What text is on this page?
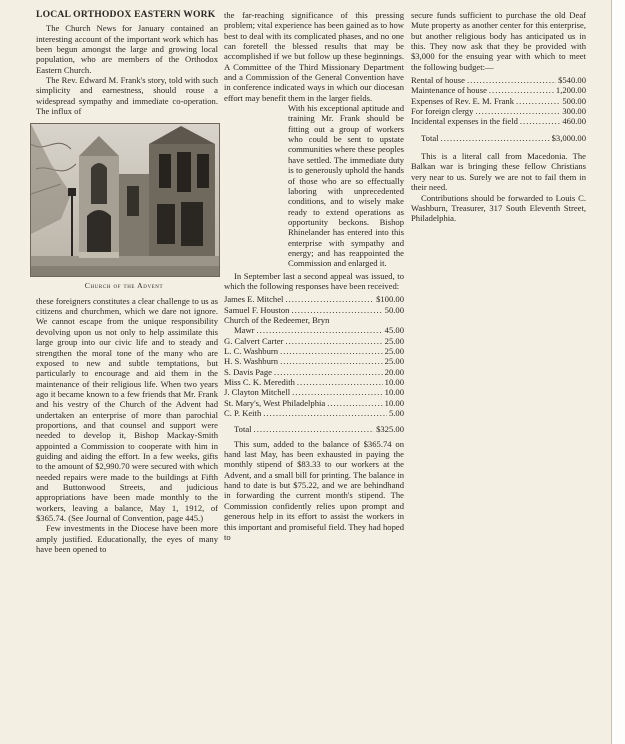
LOCAL ORTHODOX EASTERN WORK

The Church News for January contained an interesting account of the important work which has been begun amongst the large and growing local population, who are members of the Orthodox Eastern Church.

The Rev. Edward M. Frank's story, told with such simplicity and earnestness, should rouse a widespread sympathy and immediate co-operation. The influx of

Church of the Advent

these foreigners constitutes a clear challenge to us as citizens and churchmen, which we dare not ignore. We cannot escape from the unique responsibility devolving upon us not only to help assimilate this large group into our civic life and to steady and strengthen the moral tone of the many who are exposed to new and subtle temptations, but particularly to encourage and aid them in the maintenance of their religious life. When two years ago it became known to a few friends that Mr. Frank and his vestry of the Church of the Advent had undertaken an enterprise of more than parochial proportions, and that counsel and support were needed to develop it, Bishop Mackay-Smith appointed a Commission to cooperate with him in guiding and aiding the effort. In a few weeks, gifts to the amount of $2,990.70 were secured with which needed repairs were made to the buildings at Fifth and Buttonwood Streets, and judicious appropriations have been made monthly to the workers, leaving a balance, May 1, 1912, of $365.74. (See Journal of Convention, page 445.)

Few investments in the Diocese have been more amply justified. Educationally, the eyes of many have been opened to

the far-reaching significance of this pressing problem; vital experience has been gained as to how best to deal with its complicated phases, and no one can foretell the blessed results that may be accomplished if we but follow up these beginnings. A Committee of the Third Missionary Department and a Commission of the General Convention have in conference indicated ways in which our diocesan effort may benefit them in the larger fields.

With his exceptional aptitude and training Mr. Frank should be fitting out a group of workers who could be sent to upstate communities where these peoples have settled. The immediate duty is to generously uphold the hands of those who are so effectually laboring with unprecedented conditions, and to wisely make ready to extend operations as opportunity beckons. Bishop Rhinelander has entered into this enterprise with sympathy and energy; and has reappointed the Commission and enlarged it.

In September last a second appeal was issued, to which the following responses have been received:

James E. Mitchel .....	$100.00
Samuel F. Houston .....	50.00
Church of the Redeemer, Bryn
Mawr .....	45.00
G. Calvert Carter .....	25.00
L. C. Washburn .....	25.00
H. S. Washburn .....	25.00
S. Davis Page .....	20.00
Miss C. K. Meredith .....	10.00
J. Clayton Mitchell .....	10.00
St. Mary's, West Philadelphia .....	10.00
C. P. Keith .....	5.00
Total .....	$325.00

This sum, added to the balance of $365.74 on hand last May, has been exhausted in paying the monthly stipend of $83.33 to our workers at the Advent, and a small bill for printing. The balance in hand to date is but $75.22, and we are behindhand in forwarding the current month's stipend. The Commission confidently relies upon prompt and generous help in its effort to assist the workers in this important and promiseful field. They had hoped to

secure funds sufficient to purchase the old Deaf Mute property as another center for this enterprise, but another religious body has anticipated us in this. They now ask that they be provided with $3,000 for the ensuing year with which to meet the following budget:—

Rental of house .....	$540.00
Maintenance of house .....	1,200.00
Expenses of Rev. E. M. Frank .....	500.00
For foreign clergy .....	300.00
Incidental expenses in the field .....	460.00
Total .....	$3,000.00

This is a literal call from Macedonia. The Balkan war is bringing these fellow Christians very near to us. Surely we are not to fail them in their need.

Contributions should be forwarded to Louis C. Washburn, Treasurer, 317 South Eleventh Street, Philadelphia.
